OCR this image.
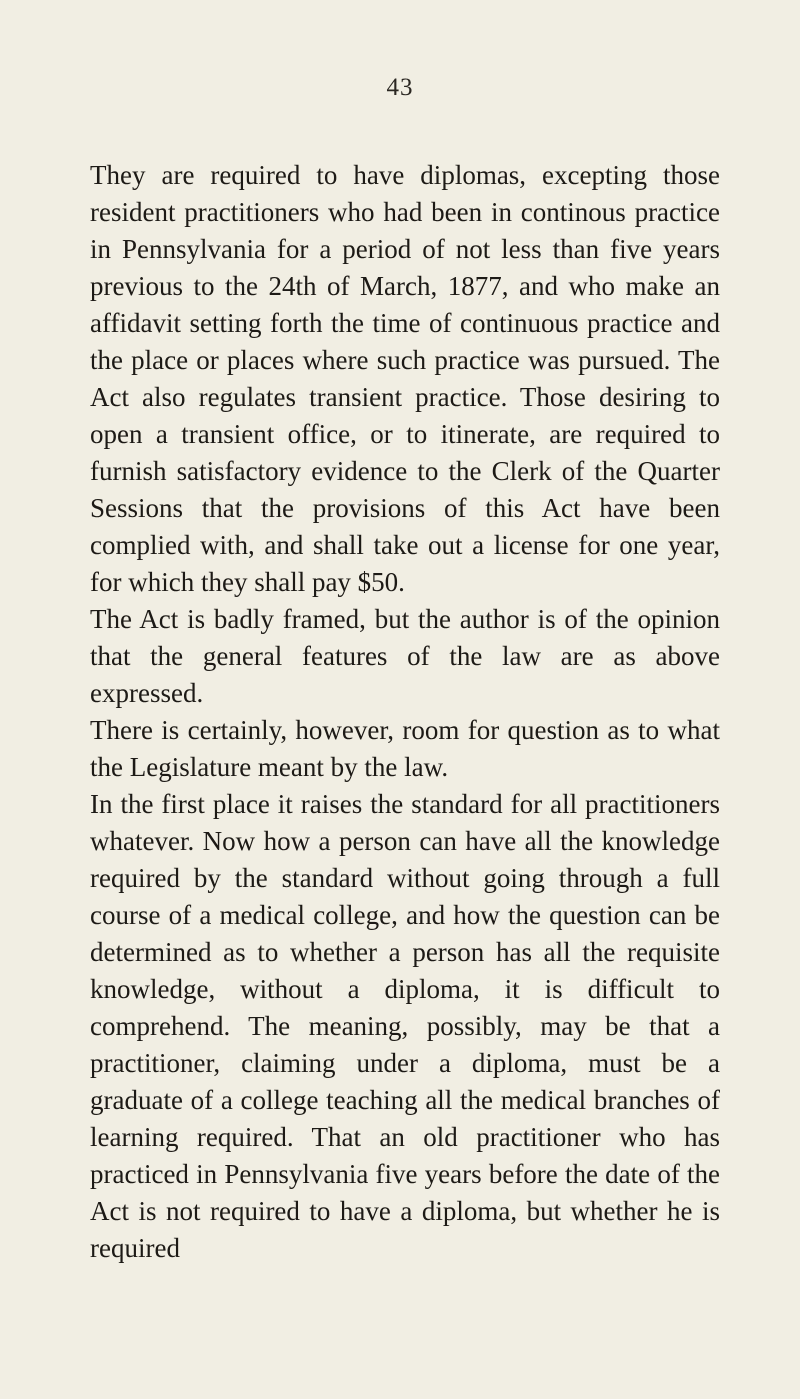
43

They are required to have diplomas, excepting those resident practitioners who had been in continous practice in Pennsylvania for a period of not less than five years previous to the 24th of March, 1877, and who make an affidavit setting forth the time of continuous practice and the place or places where such practice was pursued. The Act also regulates transient practice. Those desiring to open a transient office, or to itinerate, are required to furnish satisfactory evidence to the Clerk of the Quarter Sessions that the provisions of this Act have been complied with, and shall take out a license for one year, for which they shall pay $50.

The Act is badly framed, but the author is of the opinion that the general features of the law are as above expressed.

There is certainly, however, room for question as to what the Legislature meant by the law.

In the first place it raises the standard for all practitioners whatever. Now how a person can have all the knowledge required by the standard without going through a full course of a medical college, and how the question can be determined as to whether a person has all the requisite knowledge, without a diploma, it is difficult to comprehend. The meaning, possibly, may be that a practitioner, claiming under a diploma, must be a graduate of a college teaching all the medical branches of learning required. That an old practitioner who has practiced in Pennsylvania five years before the date of the Act is not required to have a diploma, but whether he is required
